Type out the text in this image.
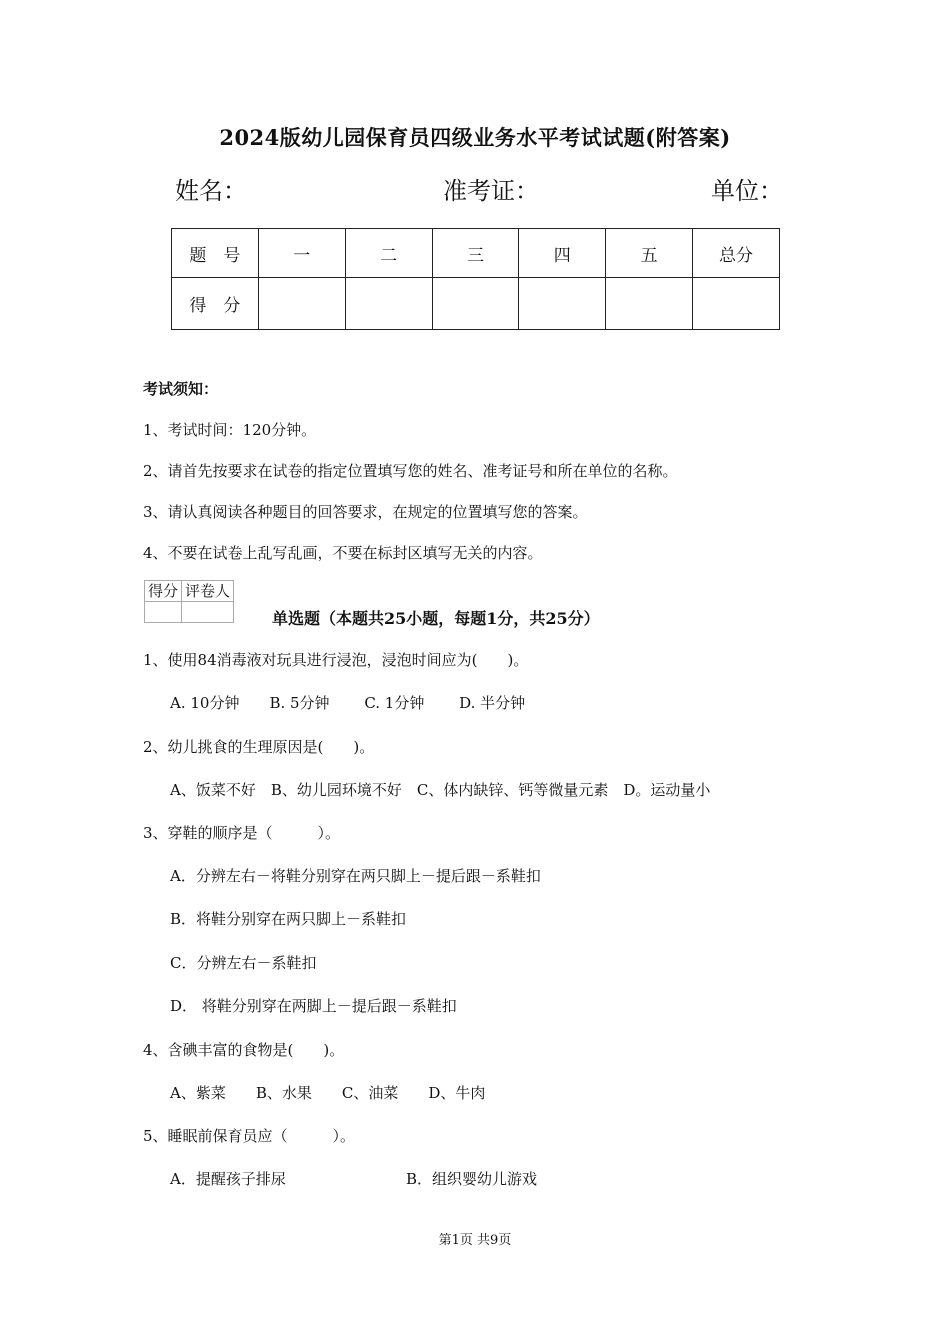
2024版幼儿园保育员四级业务水平考试试题(附答案)
姓名：	准考证：	单位：
题　号	一	二	三	四	五	总分
得　分						
考试须知：
1、考试时间：120分钟。
2、请首先按要求在试卷的指定位置填写您的姓名、准考证号和所在单位的名称。
3、请认真阅读各种题目的回答要求，在规定的位置填写您的答案。
4、不要在试卷上乱写乱画，不要在标封区填写无关的内容。
得分	评卷人

单选题（本题共25小题，每题1分，共25分）
1、使用84消毒液对玩具进行浸泡，浸泡时间应为(　　)。
A. 10分钟　　B. 5分钟　　 C. 1分钟　　 D. 半分钟
2、幼儿挑食的生理原因是(　　)。
A、饭菜不好　B、幼儿园环境不好　C、体内缺锌、钙等微量元素　D。运动量小
3、穿鞋的顺序是（　　　）。
A．分辨左右－将鞋分别穿在两只脚上－提后跟－系鞋扣
B．将鞋分别穿在两只脚上－系鞋扣
C．分辨左右－系鞋扣
D． 将鞋分别穿在两脚上－提后跟－系鞋扣
4、含碘丰富的食物是(　　)。
A、紫菜　　B、水果　　C、油菜　　D、牛肉
5、睡眠前保育员应（　　　）。
A．提醒孩子排尿	B．组织婴幼儿游戏
第1页 共9页
